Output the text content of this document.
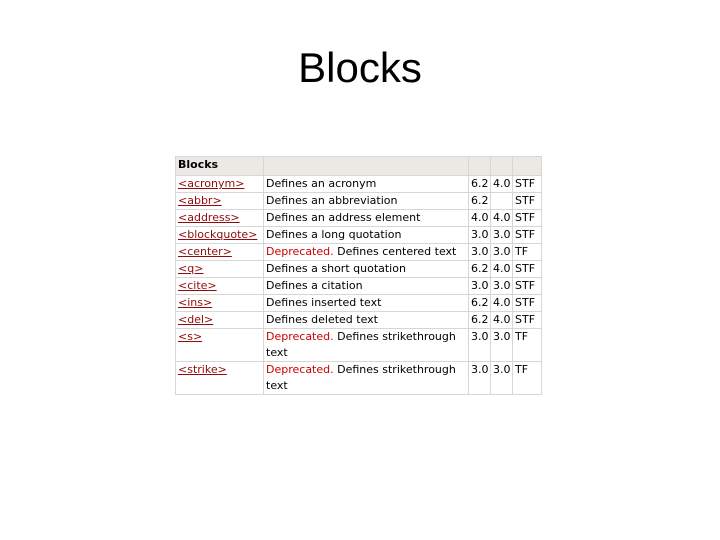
Blocks
Blocks				
<acronym>	Defines an acronym	6.2	4.0	STF
<abbr>	Defines an abbreviation	6.2		STF
<address>	Defines an address element	4.0	4.0	STF
<blockquote>	Defines a long quotation	3.0	3.0	STF
<center>	Deprecated. Defines centered text	3.0	3.0	TF
<q>	Defines a short quotation	6.2	4.0	STF
<cite>	Defines a citation	3.0	3.0	STF
<ins>	Defines inserted text	6.2	4.0	STF
<del>	Defines deleted text	6.2	4.0	STF
<s>	Deprecated. Defines strikethrough text	3.0	3.0	TF
<strike>	Deprecated. Defines strikethrough text	3.0	3.0	TF
